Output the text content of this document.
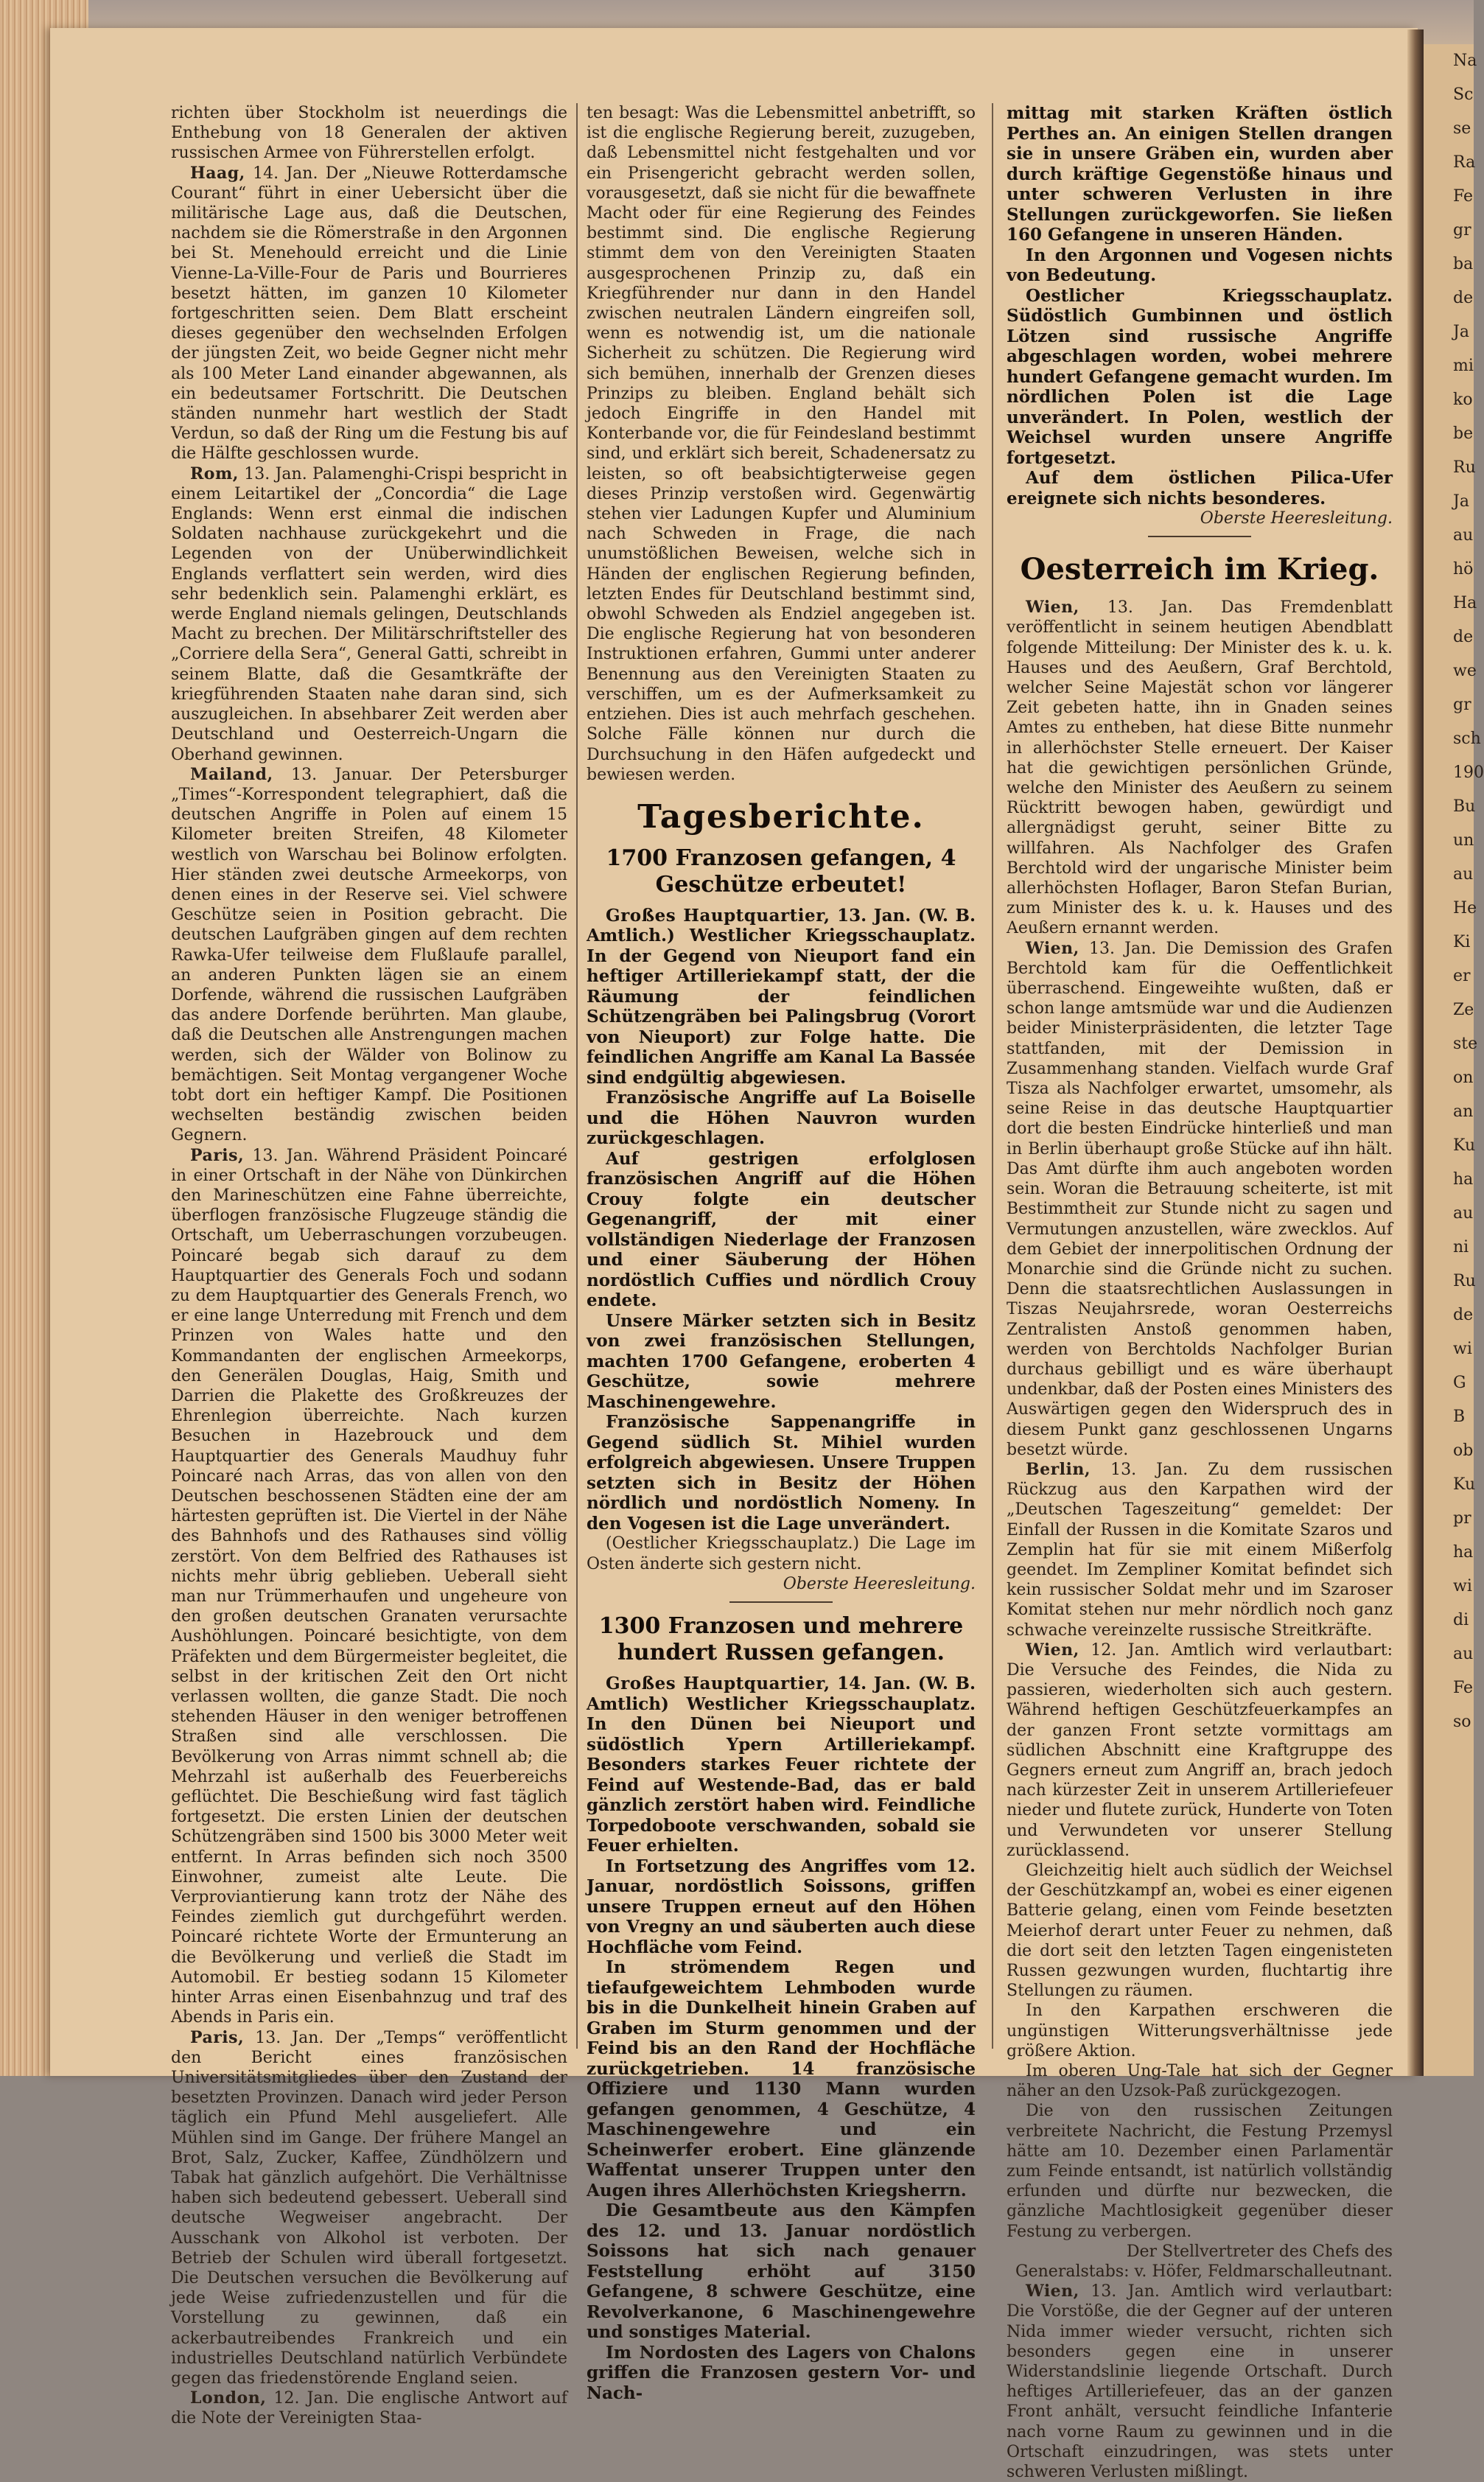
Na
Sc
se
Ra
Fe
gr
ba
de
Ja
mi
ko
be
Ru
Ja
au
hö
Ha
de
we
gr
sch
190
Bu
un
au
He
Ki
er
Ze
ste
on
an
Ku
ha
au
ni
Ru
de
wi
G
B
ob
Ku
pr
ha
wi
di
au
Fe
so

richten über Stockholm ist neuerdings die Enthebung von 18 Generalen der aktiven russischen Armee von Führerstellen erfolgt.

Haag, 14. Jan. Der „Nieuwe Rotterdamsche Courant“ führt in einer Uebersicht über die militärische Lage aus, daß die Deutschen, nachdem sie die Römerstraße in den Argonnen bei St. Menehould erreicht und die Linie Vienne-La-Ville-Four de Paris und Bourrieres besetzt hätten, im ganzen 10 Kilometer fortgeschritten seien. Dem Blatt erscheint dieses gegenüber den wechselnden Erfolgen der jüngsten Zeit, wo beide Gegner nicht mehr als 100 Meter Land einander abgewannen, als ein bedeutsamer Fortschritt. Die Deutschen ständen nunmehr hart westlich der Stadt Verdun, so daß der Ring um die Festung bis auf die Hälfte geschlossen wurde.

Rom, 13. Jan. Palamenghi-Crispi bespricht in einem Leitartikel der „Concordia“ die Lage Englands: Wenn erst einmal die indischen Soldaten nachhause zurückgekehrt und die Legenden von der Unüberwindlichkeit Englands verflattert sein werden, wird dies sehr bedenklich sein. Palamenghi erklärt, es werde England niemals gelingen, Deutschlands Macht zu brechen. Der Militärschriftsteller des „Corriere della Sera“, General Gatti, schreibt in seinem Blatte, daß die Gesamtkräfte der kriegführenden Staaten nahe daran sind, sich auszugleichen. In absehbarer Zeit werden aber Deutschland und Oesterreich-Ungarn die Oberhand gewinnen.

Mailand, 13. Januar. Der Petersburger „Times“-Korrespondent telegraphiert, daß die deutschen Angriffe in Polen auf einem 15 Kilometer breiten Streifen, 48 Kilometer westlich von Warschau bei Bolinow erfolgten. Hier ständen zwei deutsche Armeekorps, von denen eines in der Reserve sei. Viel schwere Geschütze seien in Position gebracht. Die deutschen Laufgräben gingen auf dem rechten Rawka-Ufer teilweise dem Flußlaufe parallel, an anderen Punkten lägen sie an einem Dorfende, während die russischen Laufgräben das andere Dorfende berührten. Man glaube, daß die Deutschen alle Anstrengungen machen werden, sich der Wälder von Bolinow zu bemächtigen. Seit Montag vergangener Woche tobt dort ein heftiger Kampf. Die Positionen wechselten beständig zwischen beiden Gegnern.

Paris, 13. Jan. Während Präsident Poincaré in einer Ortschaft in der Nähe von Dünkirchen den Marineschützen eine Fahne überreichte, überflogen französische Flugzeuge ständig die Ortschaft, um Ueberraschungen vorzubeugen. Poincaré begab sich darauf zu dem Hauptquartier des Generals Foch und sodann zu dem Hauptquartier des Generals French, wo er eine lange Unterredung mit French und dem Prinzen von Wales hatte und den Kommandanten der englischen Armeekorps, den Generälen Douglas, Haig, Smith und Darrien die Plakette des Großkreuzes der Ehrenlegion überreichte. Nach kurzen Besuchen in Hazebrouck und dem Hauptquartier des Generals Maudhuy fuhr Poincaré nach Arras, das von allen von den Deutschen beschossenen Städten eine der am härtesten geprüften ist. Die Viertel in der Nähe des Bahnhofs und des Rathauses sind völlig zerstört. Von dem Belfried des Rathauses ist nichts mehr übrig geblieben. Ueberall sieht man nur Trümmerhaufen und ungeheure von den großen deutschen Granaten verursachte Aushöhlungen. Poincaré besichtigte, von dem Präfekten und dem Bürgermeister begleitet, die selbst in der kritischen Zeit den Ort nicht verlassen wollten, die ganze Stadt. Die noch stehenden Häuser in den weniger betroffenen Straßen sind alle verschlossen. Die Bevölkerung von Arras nimmt schnell ab; die Mehrzahl ist außerhalb des Feuerbereichs geflüchtet. Die Beschießung wird fast täglich fortgesetzt. Die ersten Linien der deutschen Schützengräben sind 1500 bis 3000 Meter weit entfernt. In Arras befinden sich noch 3500 Einwohner, zumeist alte Leute. Die Verproviantierung kann trotz der Nähe des Feindes ziemlich gut durchgeführt werden. Poincaré richtete Worte der Ermunterung an die Bevölkerung und verließ die Stadt im Automobil. Er bestieg sodann 15 Kilometer hinter Arras einen Eisenbahnzug und traf des Abends in Paris ein.

Paris, 13. Jan. Der „Temps“ veröffentlicht den Bericht eines französischen Universitätsmitgliedes über den Zustand der besetzten Provinzen. Danach wird jeder Person täglich ein Pfund Mehl ausgeliefert. Alle Mühlen sind im Gange. Der frühere Mangel an Brot, Salz, Zucker, Kaffee, Zündhölzern und Tabak hat gänzlich aufgehört. Die Verhältnisse haben sich bedeutend gebessert. Ueberall sind deutsche Wegweiser angebracht. Der Ausschank von Alkohol ist verboten. Der Betrieb der Schulen wird überall fortgesetzt. Die Deutschen versuchen die Bevölkerung auf jede Weise zufriedenzustellen und für die Vorstellung zu gewinnen, daß ein ackerbautreibendes Frankreich und ein industrielles Deutschland natürlich Verbündete gegen das friedenstörende England seien.

London, 12. Jan. Die englische Antwort auf die Note der Vereinigten Staa-

ten besagt: Was die Lebensmittel anbetrifft, so ist die englische Regierung bereit, zuzugeben, daß Lebensmittel nicht festgehalten und vor ein Prisengericht gebracht werden sollen, vorausgesetzt, daß sie nicht für die bewaffnete Macht oder für eine Regierung des Feindes bestimmt sind. Die englische Regierung stimmt dem von den Vereinigten Staaten ausgesprochenen Prinzip zu, daß ein Kriegführender nur dann in den Handel zwischen neutralen Ländern eingreifen soll, wenn es notwendig ist, um die nationale Sicherheit zu schützen. Die Regierung wird sich bemühen, innerhalb der Grenzen dieses Prinzips zu bleiben. England behält sich jedoch Eingriffe in den Handel mit Konterbande vor, die für Feindesland bestimmt sind, und erklärt sich bereit, Schadenersatz zu leisten, so oft beabsichtigterweise gegen dieses Prinzip verstoßen wird. Gegenwärtig stehen vier Ladungen Kupfer und Aluminium nach Schweden in Frage, die nach unumstößlichen Beweisen, welche sich in Händen der englischen Regierung befinden, letzten Endes für Deutschland bestimmt sind, obwohl Schweden als Endziel angegeben ist. Die englische Regierung hat von besonderen Instruktionen erfahren, Gummi unter anderer Benennung aus den Vereinigten Staaten zu verschiffen, um es der Aufmerksamkeit zu entziehen. Dies ist auch mehrfach geschehen. Solche Fälle können nur durch die Durchsuchung in den Häfen aufgedeckt und bewiesen werden.

Tagesberichte.
1700 Franzosen gefangen, 4 Geschütze erbeutet!

Großes Hauptquartier, 13. Jan. (W. B. Amtlich.) Westlicher Kriegsschauplatz. In der Gegend von Nieuport fand ein heftiger Artilleriekampf statt, der die Räumung der feindlichen Schützengräben bei Palingsbrug (Vorort von Nieuport) zur Folge hatte. Die feindlichen Angriffe am Kanal La Bassée sind endgültig abgewiesen.

Französische Angriffe auf La Boiselle und die Höhen Nauvron wurden zurückgeschlagen.

Auf gestrigen erfolglosen französischen Angriff auf die Höhen Crouy folgte ein deutscher Gegenangriff, der mit einer vollständigen Niederlage der Franzosen und einer Säuberung der Höhen nordöstlich Cuffies und nördlich Crouy endete.

Unsere Märker setzten sich in Besitz von zwei französischen Stellungen, machten 1700 Gefangene, eroberten 4 Geschütze, sowie mehrere Maschinengewehre.

Französische Sappenangriffe in Gegend südlich St. Mihiel wurden erfolgreich abgewiesen. Unsere Truppen setzten sich in Besitz der Höhen nördlich und nordöstlich Nomeny. In den Vogesen ist die Lage unverändert.

(Oestlicher Kriegsschauplatz.) Die Lage im Osten änderte sich gestern nicht.

Oberste Heeresleitung.

1300 Franzosen und mehrere hundert Russen gefangen.

Großes Hauptquartier, 14. Jan. (W. B. Amtlich) Westlicher Kriegsschauplatz. In den Dünen bei Nieuport und südöstlich Ypern Artilleriekampf. Besonders starkes Feuer richtete der Feind auf Westende-Bad, das er bald gänzlich zerstört haben wird. Feindliche Torpedoboote verschwanden, sobald sie Feuer erhielten.

In Fortsetzung des Angriffes vom 12. Januar, nordöstlich Soissons, griffen unsere Truppen erneut auf den Höhen von Vregny an und säuberten auch diese Hochfläche vom Feind.

In strömendem Regen und tiefaufgeweichtem Lehmboden wurde bis in die Dunkelheit hinein Graben auf Graben im Sturm genommen und der Feind bis an den Rand der Hochfläche zurückgetrieben. 14 französische Offiziere und 1130 Mann wurden gefangen genommen, 4 Geschütze, 4 Maschinengewehre und ein Scheinwerfer erobert. Eine glänzende Waffentat unserer Truppen unter den Augen ihres Allerhöchsten Kriegsherrn.

Die Gesamtbeute aus den Kämpfen des 12. und 13. Januar nordöstlich Soissons hat sich nach genauer Feststellung erhöht auf 3150 Gefangene, 8 schwere Geschütze, eine Revolverkanone, 6 Maschinengewehre und sonstiges Material.

Im Nordosten des Lagers von Chalons griffen die Franzosen gestern Vor- und Nach-

mittag mit starken Kräften östlich Perthes an. An einigen Stellen drangen sie in unsere Gräben ein, wurden aber durch kräftige Gegenstöße hinaus und unter schweren Verlusten in ihre Stellungen zurückgeworfen. Sie ließen 160 Gefangene in unseren Händen.

In den Argonnen und Vogesen nichts von Bedeutung.

Oestlicher Kriegsschauplatz. Südöstlich Gumbinnen und östlich Lötzen sind russische Angriffe abgeschlagen worden, wobei mehrere hundert Gefangene gemacht wurden. Im nördlichen Polen ist die Lage unverändert. In Polen, westlich der Weichsel wurden unsere Angriffe fortgesetzt.

Auf dem östlichen Pilica-Ufer ereignete sich nichts besonderes.

Oberste Heeresleitung.

Oesterreich im Krieg.

Wien, 13. Jan. Das Fremdenblatt veröffentlicht in seinem heutigen Abendblatt folgende Mitteilung: Der Minister des k. u. k. Hauses und des Aeußern, Graf Berchtold, welcher Seine Majestät schon vor längerer Zeit gebeten hatte, ihn in Gnaden seines Amtes zu entheben, hat diese Bitte nunmehr in allerhöchster Stelle erneuert. Der Kaiser hat die gewichtigen persönlichen Gründe, welche den Minister des Aeußern zu seinem Rücktritt bewogen haben, gewürdigt und allergnädigst geruht, seiner Bitte zu willfahren. Als Nachfolger des Grafen Berchtold wird der ungarische Minister beim allerhöchsten Hoflager, Baron Stefan Burian, zum Minister des k. u. k. Hauses und des Aeußern ernannt werden.

Wien, 13. Jan. Die Demission des Grafen Berchtold kam für die Oeffentlichkeit überraschend. Eingeweihte wußten, daß er schon lange amtsmüde war und die Audienzen beider Ministerpräsidenten, die letzter Tage stattfanden, mit der Demission in Zusammenhang standen. Vielfach wurde Graf Tisza als Nachfolger erwartet, umsomehr, als seine Reise in das deutsche Hauptquartier dort die besten Eindrücke hinterließ und man in Berlin überhaupt große Stücke auf ihn hält. Das Amt dürfte ihm auch angeboten worden sein. Woran die Betrauung scheiterte, ist mit Bestimmtheit zur Stunde nicht zu sagen und Vermutungen anzustellen, wäre zwecklos. Auf dem Gebiet der innerpolitischen Ordnung der Monarchie sind die Gründe nicht zu suchen. Denn die staatsrechtlichen Auslassungen in Tiszas Neujahrsrede, woran Oesterreichs Zentralisten Anstoß genommen haben, werden von Berchtolds Nachfolger Burian durchaus gebilligt und es wäre überhaupt undenkbar, daß der Posten eines Ministers des Auswärtigen gegen den Widerspruch des in diesem Punkt ganz geschlossenen Ungarns besetzt würde.

Berlin, 13. Jan. Zu dem russischen Rückzug aus den Karpathen wird der „Deutschen Tageszeitung“ gemeldet: Der Einfall der Russen in die Komitate Szaros und Zemplin hat für sie mit einem Mißerfolg geendet. Im Zempliner Komitat befindet sich kein russischer Soldat mehr und im Szaroser Komitat stehen nur mehr nördlich noch ganz schwache vereinzelte russische Streitkräfte.

Wien, 12. Jan. Amtlich wird verlautbart: Die Versuche des Feindes, die Nida zu passieren, wiederholten sich auch gestern. Während heftigen Geschützfeuerkampfes an der ganzen Front setzte vormittags am südlichen Abschnitt eine Kraftgruppe des Gegners erneut zum Angriff an, brach jedoch nach kürzester Zeit in unserem Artilleriefeuer nieder und flutete zurück, Hunderte von Toten und Verwundeten vor unserer Stellung zurücklassend.

Gleichzeitig hielt auch südlich der Weichsel der Geschützkampf an, wobei es einer eigenen Batterie gelang, einen vom Feinde besetzten Meierhof derart unter Feuer zu nehmen, daß die dort seit den letzten Tagen eingenisteten Russen gezwungen wurden, fluchtartig ihre Stellungen zu räumen.

In den Karpathen erschweren die ungünstigen Witterungsverhältnisse jede größere Aktion.

Im oberen Ung-Tale hat sich der Gegner näher an den Uzsok-Paß zurückgezogen.

Die von den russischen Zeitungen verbreitete Nachricht, die Festung Przemysl hätte am 10. Dezember einen Parlamentär zum Feinde entsandt, ist natürlich vollständig erfunden und dürfte nur bezwecken, die gänzliche Machtlosigkeit gegenüber dieser Festung zu verbergen.

Der Stellvertreter des Chefs des Generalstabs: v. Höfer, Feldmarschalleutnant.

Wien, 13. Jan. Amtlich wird verlautbart: Die Vorstöße, die der Gegner auf der unteren Nida immer wieder versucht, richten sich besonders gegen eine in unserer Widerstandslinie liegende Ortschaft. Durch heftiges Artilleriefeuer, das an der ganzen Front anhält, versucht feindliche Infanterie nach vorne Raum zu gewinnen und in die Ortschaft einzudringen, was stets unter schweren Verlusten mißlingt.
